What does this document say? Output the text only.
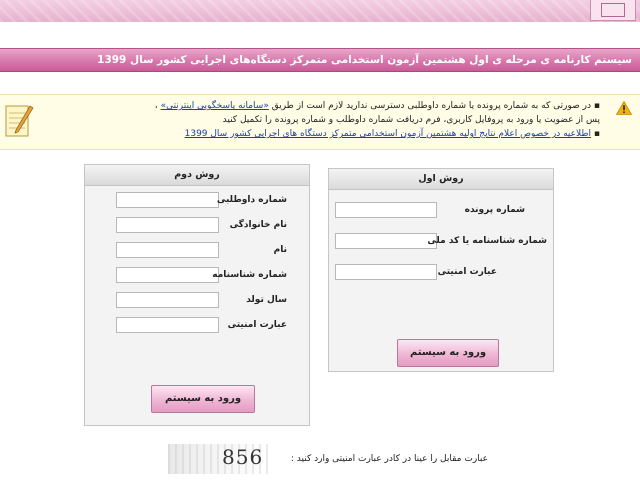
سیستم کارنامه ی مرحله ی اول هشتمین آزمون استخدامی متمرکز دستگاه‌های اجرایی کشور سال 1399
▪ در صورتی که به شماره پرونده یا شماره داوطلبی دسترسی ندارید لازم است از طریق «سامانه پاسخگویی اینترنتی» ،
پس از عضویت یا ورود به پروفایل کاربری، فرم دریافت شماره داوطلب و شماره پرونده را تکمیل کنید
▪ اطلاعیه در خصوص اعلام نتایج اولیه هشتمین آزمون استخدامی متمرکز دستگاه های اجرایی کشور سال 1399
روش دوم
شماره داوطلبی
نام خانوادگی
نام
شماره شناسنامه
سال تولد
عبارت امنیتی
ورود به سیستم
روش اول
شماره پرونده
شماره شناسنامه یا کد ملی
عبارت امنیتی
ورود به سیستم
856	عبارت مقابل را عینا در کادر عبارت امنیتی وارد کنید :
